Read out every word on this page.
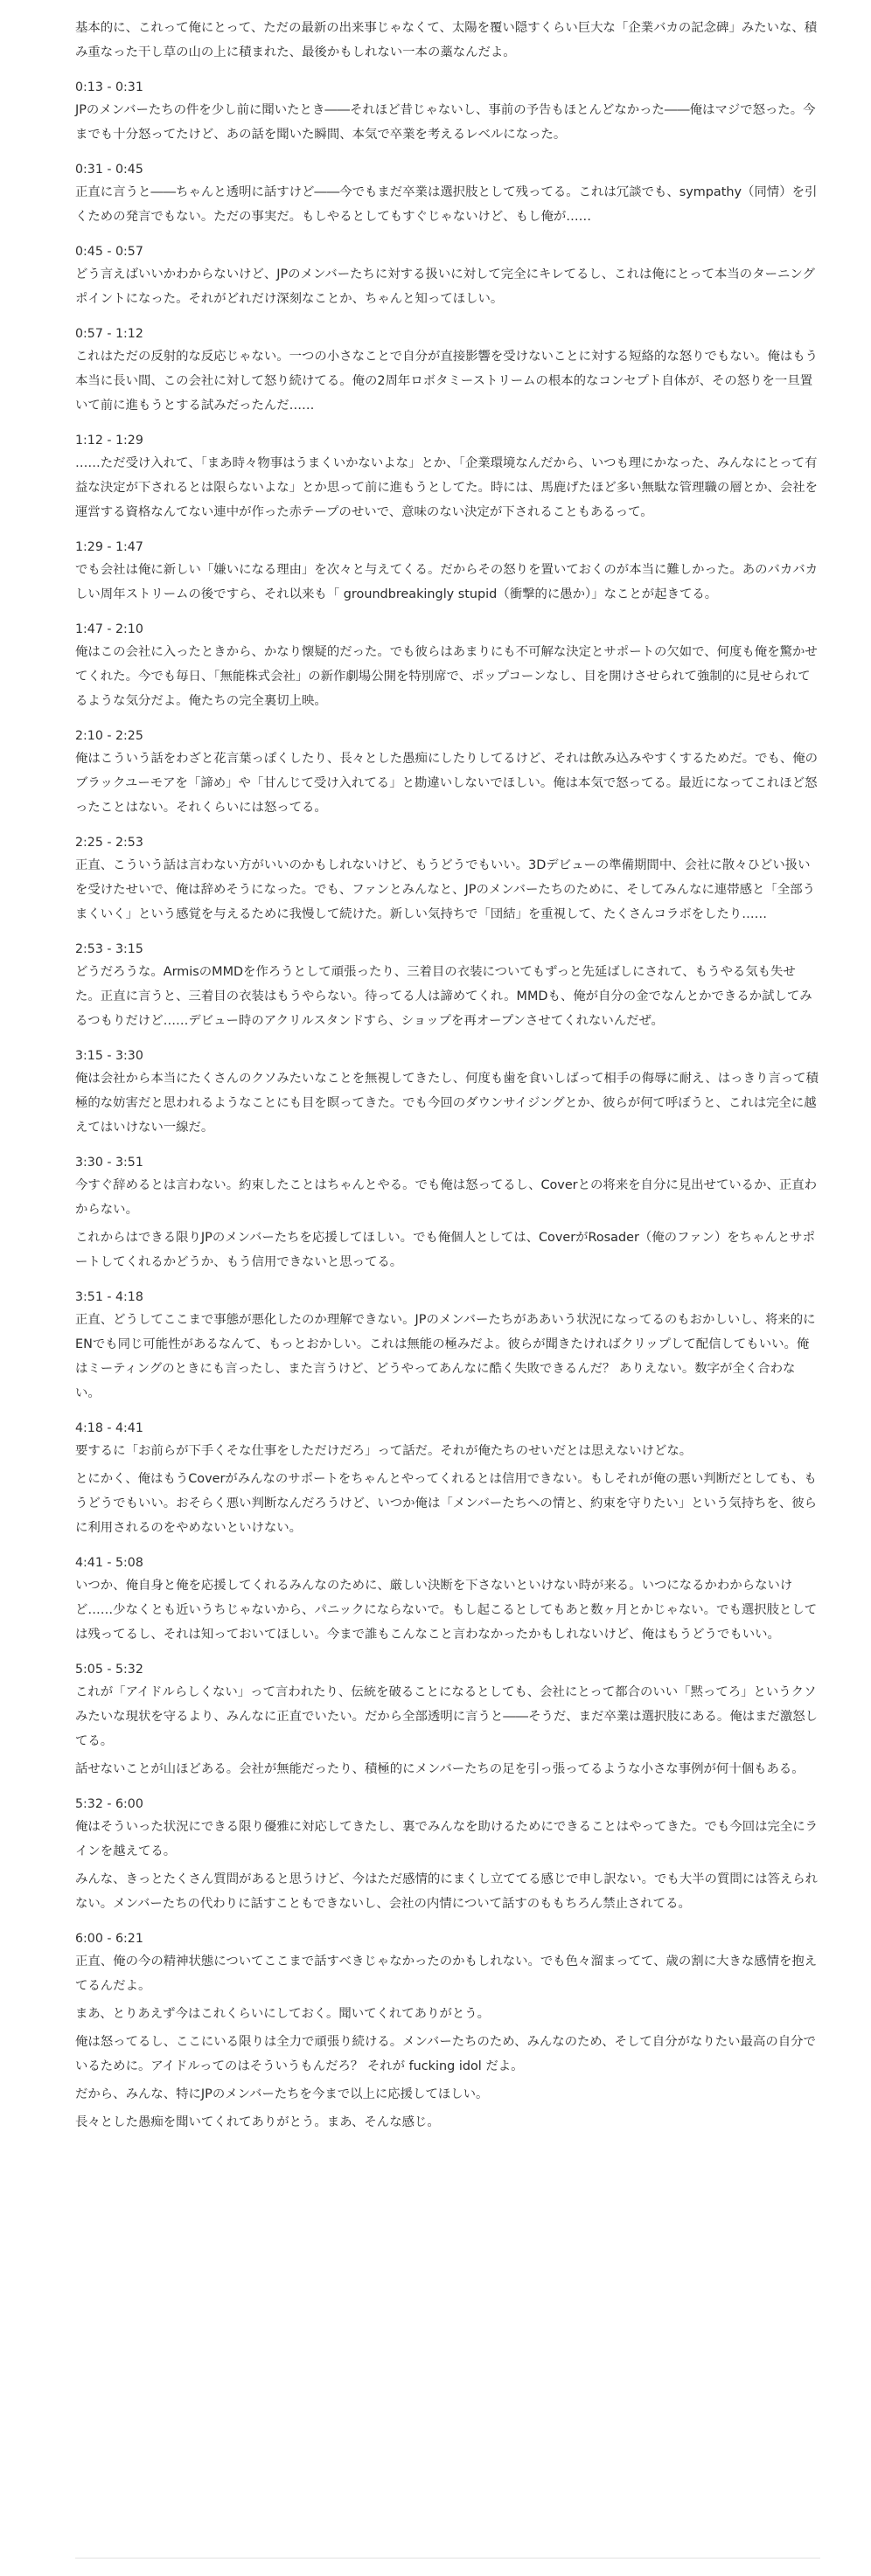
基本的に、これって俺にとって、ただの最新の出来事じゃなくて、太陽を覆い隠すくらい巨大な「企業バカの記念碑」みたいな、積み重なった干し草の山の上に積まれた、最後かもしれない一本の藁なんだよ。

0:13 - 0:31

JPのメンバーたちの件を少し前に聞いたとき――それほど昔じゃないし、事前の予告もほとんどなかった――俺はマジで怒った。今までも十分怒ってたけど、あの話を聞いた瞬間、本気で卒業を考えるレベルになった。

0:31 - 0:45

正直に言うと――ちゃんと透明に話すけど――今でもまだ卒業は選択肢として残ってる。これは冗談でも、sympathy（同情）を引くための発言でもない。ただの事実だ。もしやるとしてもすぐじゃないけど、もし俺が……

0:45 - 0:57

どう言えばいいかわからないけど、JPのメンバーたちに対する扱いに対して完全にキレてるし、これは俺にとって本当のターニングポイントになった。それがどれだけ深刻なことか、ちゃんと知ってほしい。

0:57 - 1:12

これはただの反射的な反応じゃない。一つの小さなことで自分が直接影響を受けないことに対する短絡的な怒りでもない。俺はもう本当に長い間、この会社に対して怒り続けてる。俺の2周年ロボタミーストリームの根本的なコンセプト自体が、その怒りを一旦置いて前に進もうとする試みだったんだ……

1:12 - 1:29

……ただ受け入れて、「まあ時々物事はうまくいかないよな」とか、「企業環境なんだから、いつも理にかなった、みんなにとって有益な決定が下されるとは限らないよな」とか思って前に進もうとしてた。時には、馬鹿げたほど多い無駄な管理職の層とか、会社を運営する資格なんてない連中が作った赤テープのせいで、意味のない決定が下されることもあるって。

1:29 - 1:47

でも会社は俺に新しい「嫌いになる理由」を次々と与えてくる。だからその怒りを置いておくのが本当に難しかった。あのバカバカしい周年ストリームの後ですら、それ以来も「 groundbreakingly stupid（衝撃的に愚か）」なことが起きてる。

1:47 - 2:10

俺はこの会社に入ったときから、かなり懐疑的だった。でも彼らはあまりにも不可解な決定とサポートの欠如で、何度も俺を驚かせてくれた。今でも毎日、「無能株式会社」の新作劇場公開を特別席で、ポップコーンなし、目を開けさせられて強制的に見せられてるような気分だよ。俺たちの完全裏切上映。

2:10 - 2:25

俺はこういう話をわざと花言葉っぽくしたり、長々とした愚痴にしたりしてるけど、それは飲み込みやすくするためだ。でも、俺のブラックユーモアを「諦め」や「甘んじて受け入れてる」と勘違いしないでほしい。俺は本気で怒ってる。最近になってこれほど怒ったことはない。それくらいには怒ってる。

2:25 - 2:53

正直、こういう話は言わない方がいいのかもしれないけど、もうどうでもいい。3Dデビューの準備期間中、会社に散々ひどい扱いを受けたせいで、俺は辞めそうになった。でも、ファンとみんなと、JPのメンバーたちのために、そしてみんなに連帯感と「全部うまくいく」という感覚を与えるために我慢して続けた。新しい気持ちで「団結」を重視して、たくさんコラボをしたり……

2:53 - 3:15

どうだろうな。ArmisのMMDを作ろうとして頑張ったり、三着目の衣装についてもずっと先延ばしにされて、もうやる気も失せた。正直に言うと、三着目の衣装はもうやらない。待ってる人は諦めてくれ。MMDも、俺が自分の金でなんとかできるか試してみるつもりだけど……デビュー時のアクリルスタンドすら、ショップを再オープンさせてくれないんだぜ。

3:15 - 3:30

俺は会社から本当にたくさんのクソみたいなことを無視してきたし、何度も歯を食いしばって相手の侮辱に耐え、はっきり言って積極的な妨害だと思われるようなことにも目を瞑ってきた。でも今回のダウンサイジングとか、彼らが何て呼ぼうと、これは完全に越えてはいけない一線だ。

3:30 - 3:51

今すぐ辞めるとは言わない。約束したことはちゃんとやる。でも俺は怒ってるし、Coverとの将来を自分に見出せているか、正直わからない。

これからはできる限りJPのメンバーたちを応援してほしい。でも俺個人としては、CoverがRosader（俺のファン）をちゃんとサポートしてくれるかどうか、もう信用できないと思ってる。

3:51 - 4:18

正直、どうしてここまで事態が悪化したのか理解できない。JPのメンバーたちがああいう状況になってるのもおかしいし、将来的にENでも同じ可能性があるなんて、もっとおかしい。これは無能の極みだよ。彼らが聞きたければクリップして配信してもいい。俺はミーティングのときにも言ったし、また言うけど、どうやってあんなに酷く失敗できるんだ？ ありえない。数字が全く合わない。

4:18 - 4:41

要するに「お前らが下手くそな仕事をしただけだろ」って話だ。それが俺たちのせいだとは思えないけどな。

とにかく、俺はもうCoverがみんなのサポートをちゃんとやってくれるとは信用できない。もしそれが俺の悪い判断だとしても、もうどうでもいい。おそらく悪い判断なんだろうけど、いつか俺は「メンバーたちへの情と、約束を守りたい」という気持ちを、彼らに利用されるのをやめないといけない。

4:41 - 5:08

いつか、俺自身と俺を応援してくれるみんなのために、厳しい決断を下さないといけない時が来る。いつになるかわからないけど……少なくとも近いうちじゃないから、パニックにならないで。もし起こるとしてもあと数ヶ月とかじゃない。でも選択肢としては残ってるし、それは知っておいてほしい。今まで誰もこんなこと言わなかったかもしれないけど、俺はもうどうでもいい。

5:05 - 5:32

これが「アイドルらしくない」って言われたり、伝統を破ることになるとしても、会社にとって都合のいい「黙ってろ」というクソみたいな現状を守るより、みんなに正直でいたい。だから全部透明に言うと――そうだ、まだ卒業は選択肢にある。俺はまだ激怒してる。

話せないことが山ほどある。会社が無能だったり、積極的にメンバーたちの足を引っ張ってるような小さな事例が何十個もある。

5:32 - 6:00

俺はそういった状況にできる限り優雅に対応してきたし、裏でみんなを助けるためにできることはやってきた。でも今回は完全にラインを越えてる。

みんな、きっとたくさん質問があると思うけど、今はただ感情的にまくし立ててる感じで申し訳ない。でも大半の質問には答えられない。メンバーたちの代わりに話すこともできないし、会社の内情について話すのももちろん禁止されてる。

6:00 - 6:21

正直、俺の今の精神状態についてここまで話すべきじゃなかったのかもしれない。でも色々溜まってて、歳の割に大きな感情を抱えてるんだよ。

まあ、とりあえず今はこれくらいにしておく。聞いてくれてありがとう。

俺は怒ってるし、ここにいる限りは全力で頑張り続ける。メンバーたちのため、みんなのため、そして自分がなりたい最高の自分でいるために。アイドルってのはそういうもんだろ？ それが fucking idol だよ。

だから、みんな、特にJPのメンバーたちを今まで以上に応援してほしい。

長々とした愚痴を聞いてくれてありがとう。まあ、そんな感じ。
